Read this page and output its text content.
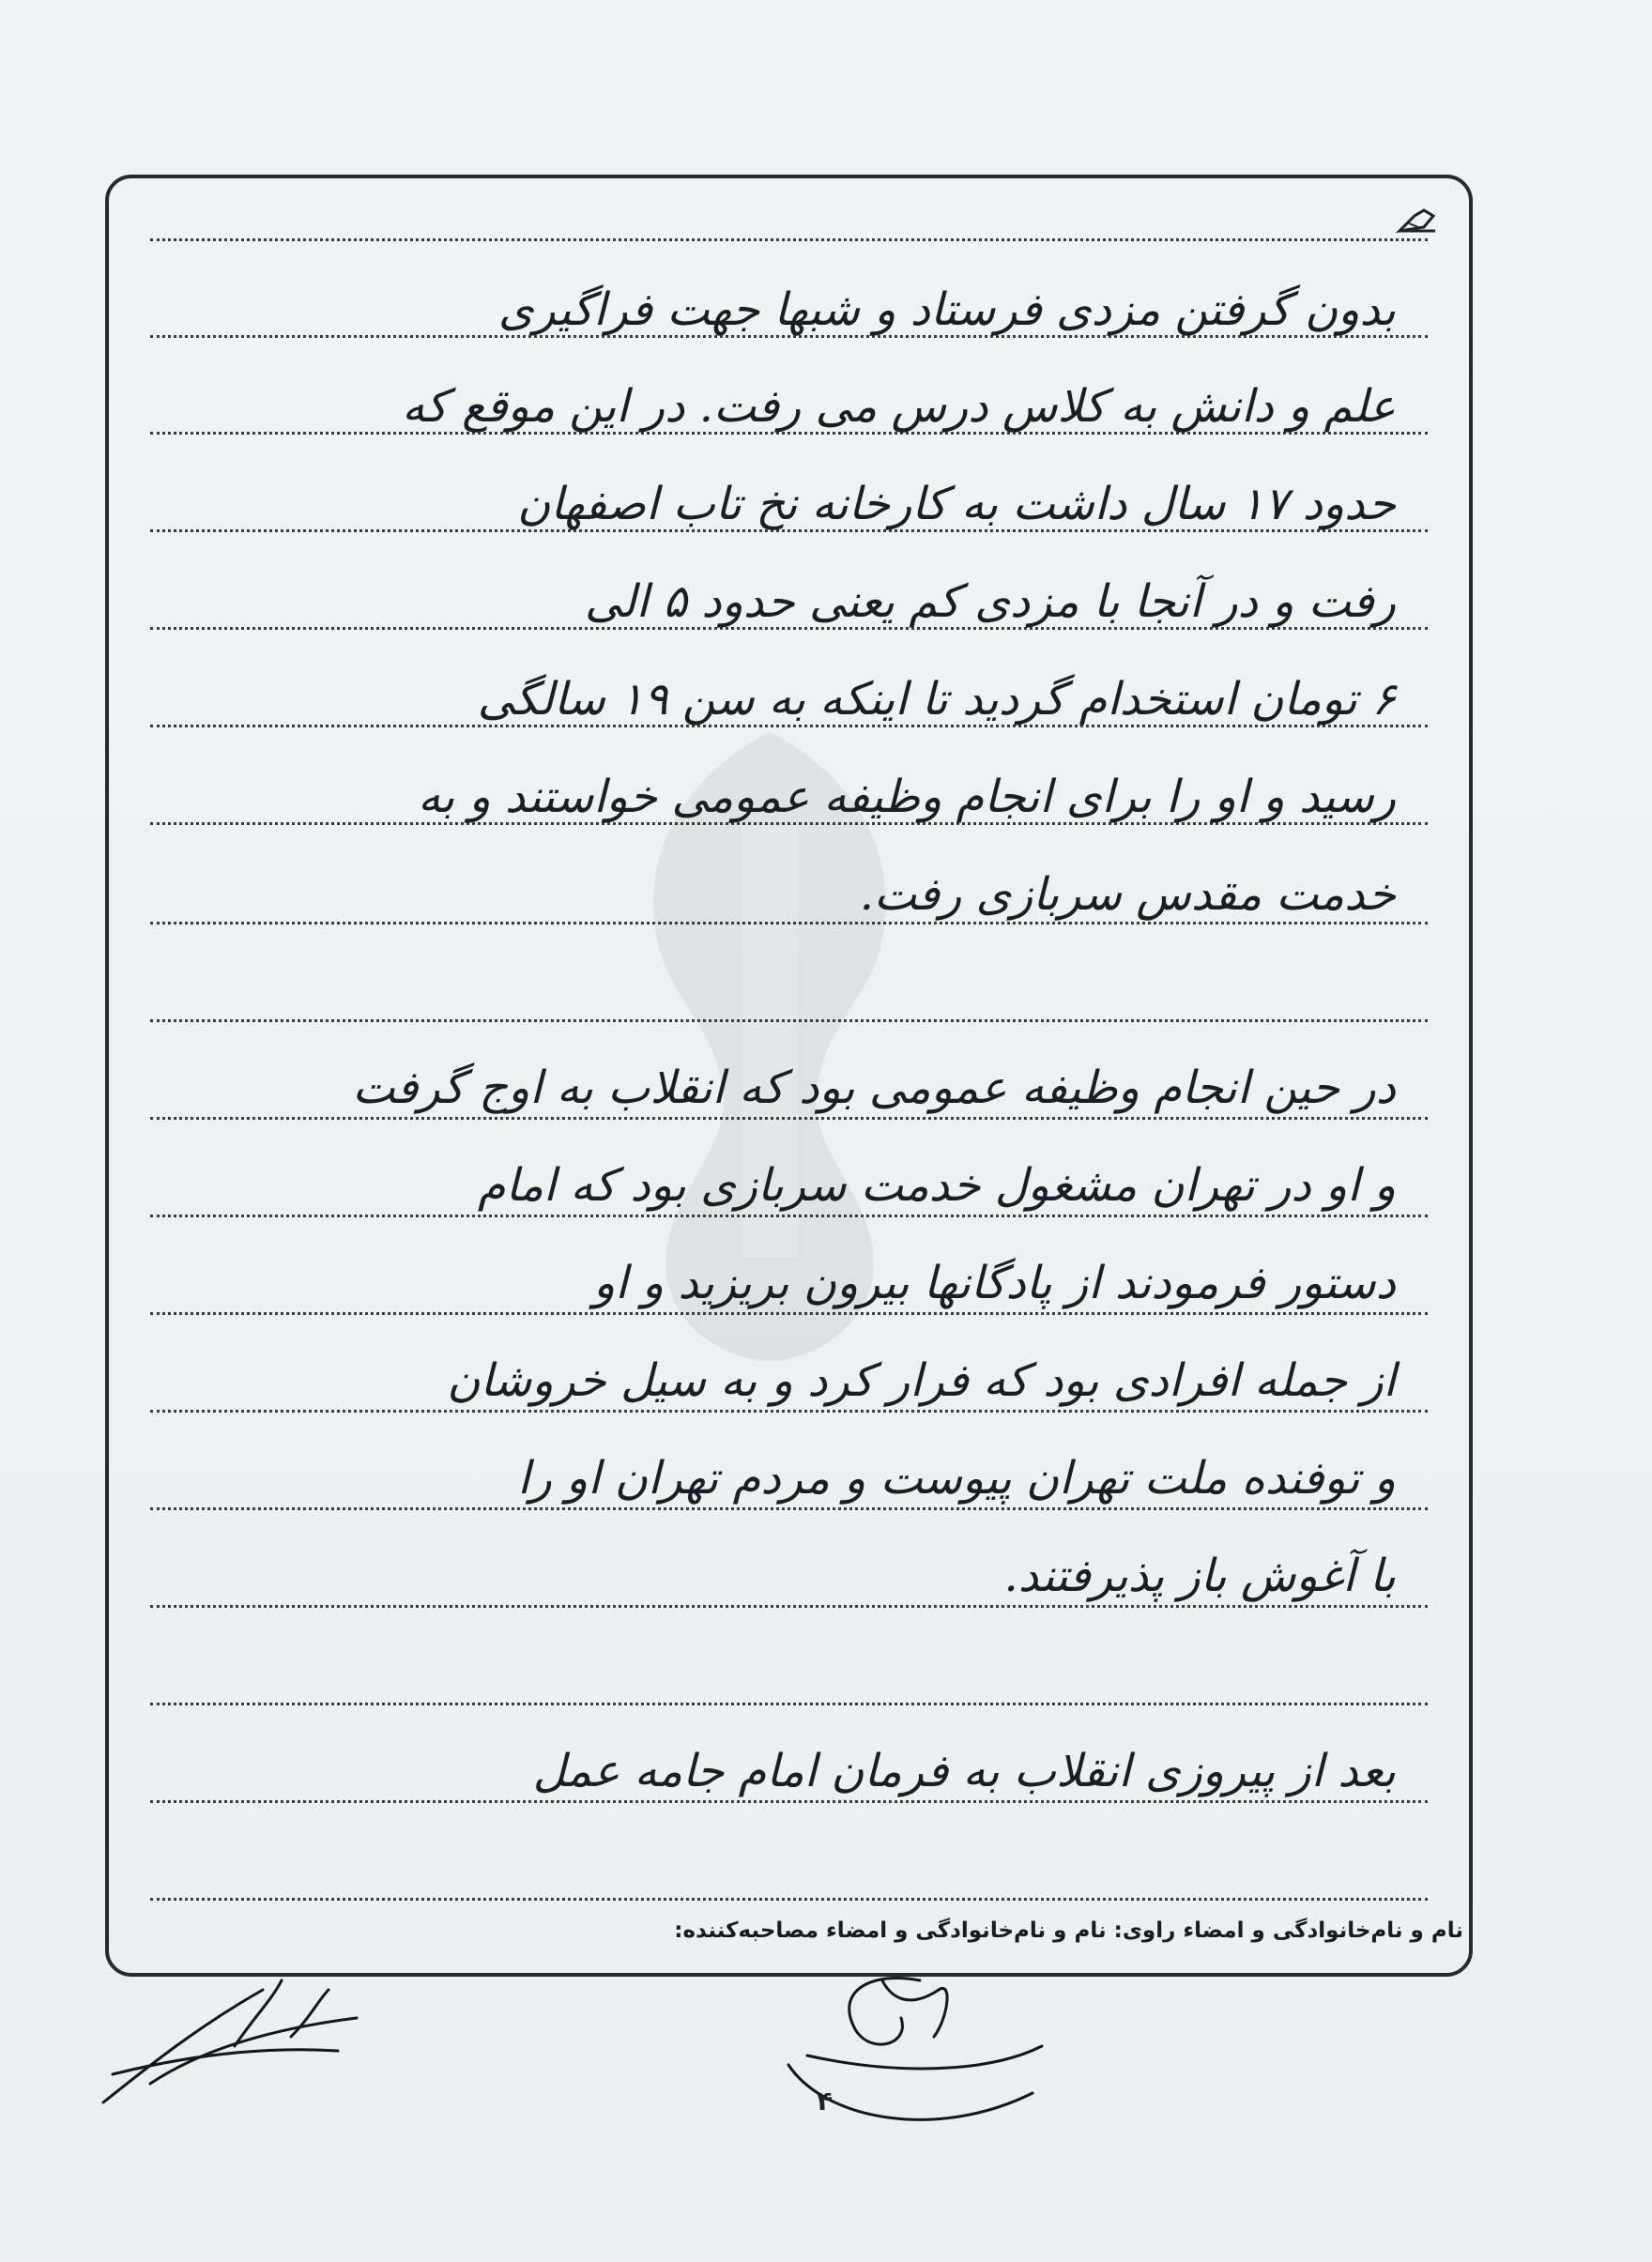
بدون گرفتن مزدی فرستاد و شبها جهت فراگیری
علم و دانش به کلاس درس می رفت. در این موقع که
حدود ۱۷ سال داشت به کارخانه نخ تاب اصفهان
رفت و در آنجا با مزدی کم یعنی حدود ۵ الی
۶ تومان استخدام گردید تا اینکه به سن ۱۹ سالگی
رسید و او را برای انجام وظیفه عمومی خواستند و به
خدمت مقدس سربازی رفت.
در حین انجام وظیفه عمومی بود که انقلاب به اوج گرفت
و او در تهران مشغول خدمت سربازی بود که امام
دستور فرمودند از پادگانها بیرون بریزید و او
از جمله افرادی بود که فرار کرد و به سیل خروشان
و توفنده ملت تهران پیوست و مردم تهران او را
با آغوش باز پذیرفتند.
بعد از پیروزی انقلاب به فرمان امام جامه عمل
نام و نام‌خانوادگی و امضاء راوی: نام و نام‌خانوادگی و امضاء مصاحبه‌کننده:
۴
